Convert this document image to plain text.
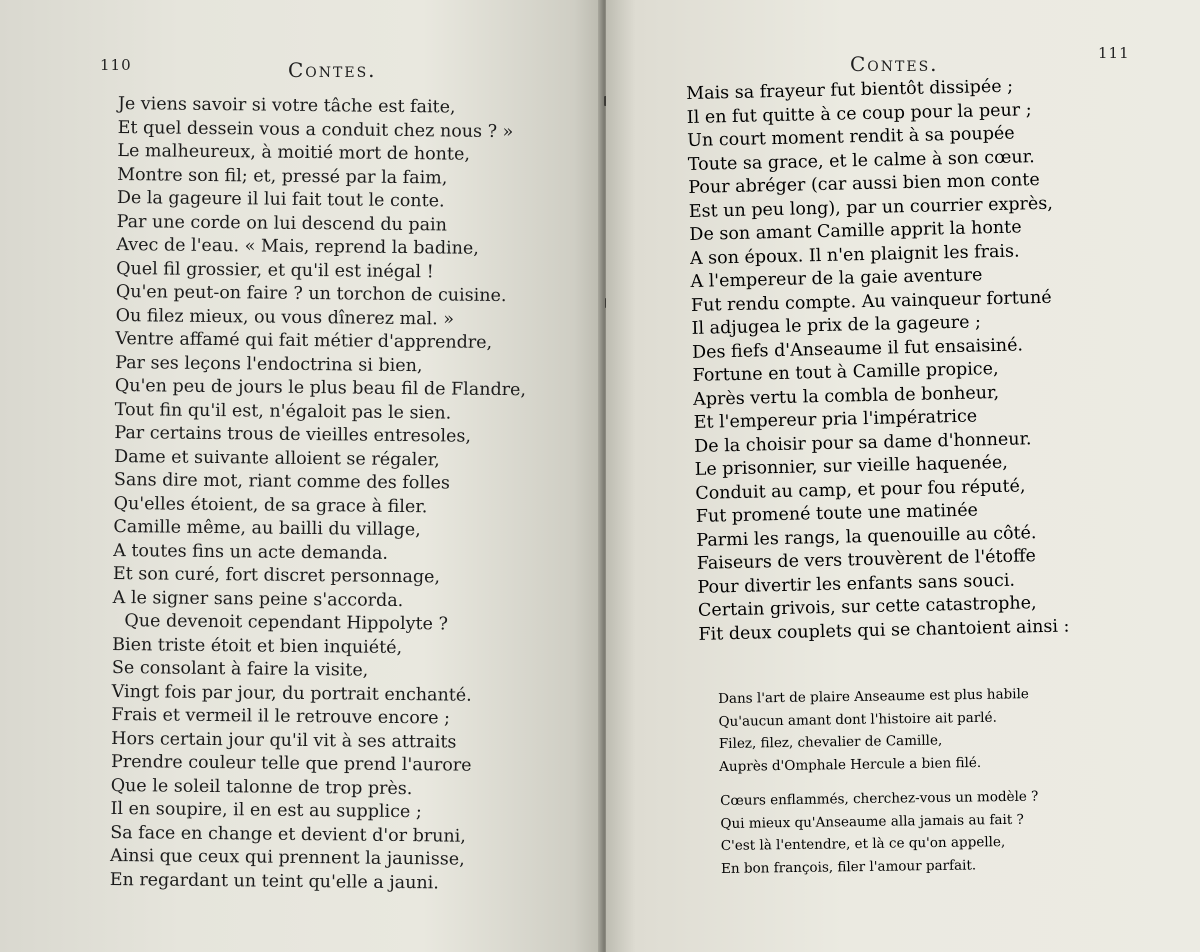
110	Contes.
Je viens savoir si votre tâche est faite,
Et quel dessein vous a conduit chez nous ? »
Le malheureux, à moitié mort de honte,
Montre son fil; et, pressé par la faim,
De la gageure il lui fait tout le conte.
Par une corde on lui descend du pain
Avec de l'eau. « Mais, reprend la badine,
Quel fil grossier, et qu'il est inégal !
Qu'en peut-on faire ? un torchon de cuisine.
Ou filez mieux, ou vous dînerez mal. »
Ventre affamé qui fait métier d'apprendre,
Par ses leçons l'endoctrina si bien,
Qu'en peu de jours le plus beau fil de Flandre,
Tout fin qu'il est, n'égaloit pas le sien.
Par certains trous de vieilles entresoles,
Dame et suivante alloient se régaler,
Sans dire mot, riant comme des folles
Qu'elles étoient, de sa grace à filer.
Camille même, au bailli du village,
A toutes fins un acte demanda.
Et son curé, fort discret personnage,
A le signer sans peine s'accorda.
Que devenoit cependant Hippolyte ?
Bien triste étoit et bien inquiété,
Se consolant à faire la visite,
Vingt fois par jour, du portrait enchanté.
Frais et vermeil il le retrouve encore ;
Hors certain jour qu'il vit à ses attraits
Prendre couleur telle que prend l'aurore
Que le soleil talonne de trop près.
Il en soupire, il en est au supplice ;
Sa face en change et devient d'or bruni,
Ainsi que ceux qui prennent la jaunisse,
En regardant un teint qu'elle a jauni.
Contes.	111
Mais sa frayeur fut bientôt dissipée ;
Il en fut quitte à ce coup pour la peur ;
Un court moment rendit à sa poupée
Toute sa grace, et le calme à son cœur.
Pour abréger (car aussi bien mon conte
Est un peu long), par un courrier exprès,
De son amant Camille apprit la honte
A son époux. Il n'en plaignit les frais.
A l'empereur de la gaie aventure
Fut rendu compte. Au vainqueur fortuné
Il adjugea le prix de la gageure ;
Des fiefs d'Anseaume il fut ensaisiné.
Fortune en tout à Camille propice,
Après vertu la combla de bonheur,
Et l'empereur pria l'impératrice
De la choisir pour sa dame d'honneur.
Le prisonnier, sur vieille haquenée,
Conduit au camp, et pour fou réputé,
Fut promené toute une matinée
Parmi les rangs, la quenouille au côté.
Faiseurs de vers trouvèrent de l'étoffe
Pour divertir les enfants sans souci.
Certain grivois, sur cette catastrophe,
Fit deux couplets qui se chantoient ainsi :
Dans l'art de plaire Anseaume est plus habile
Qu'aucun amant dont l'histoire ait parlé.
Filez, filez, chevalier de Camille,
Auprès d'Omphale Hercule a bien filé.
Cœurs enflammés, cherchez-vous un modèle ?
Qui mieux qu'Anseaume alla jamais au fait ?
C'est là l'entendre, et là ce qu'on appelle,
En bon françois, filer l'amour parfait.
